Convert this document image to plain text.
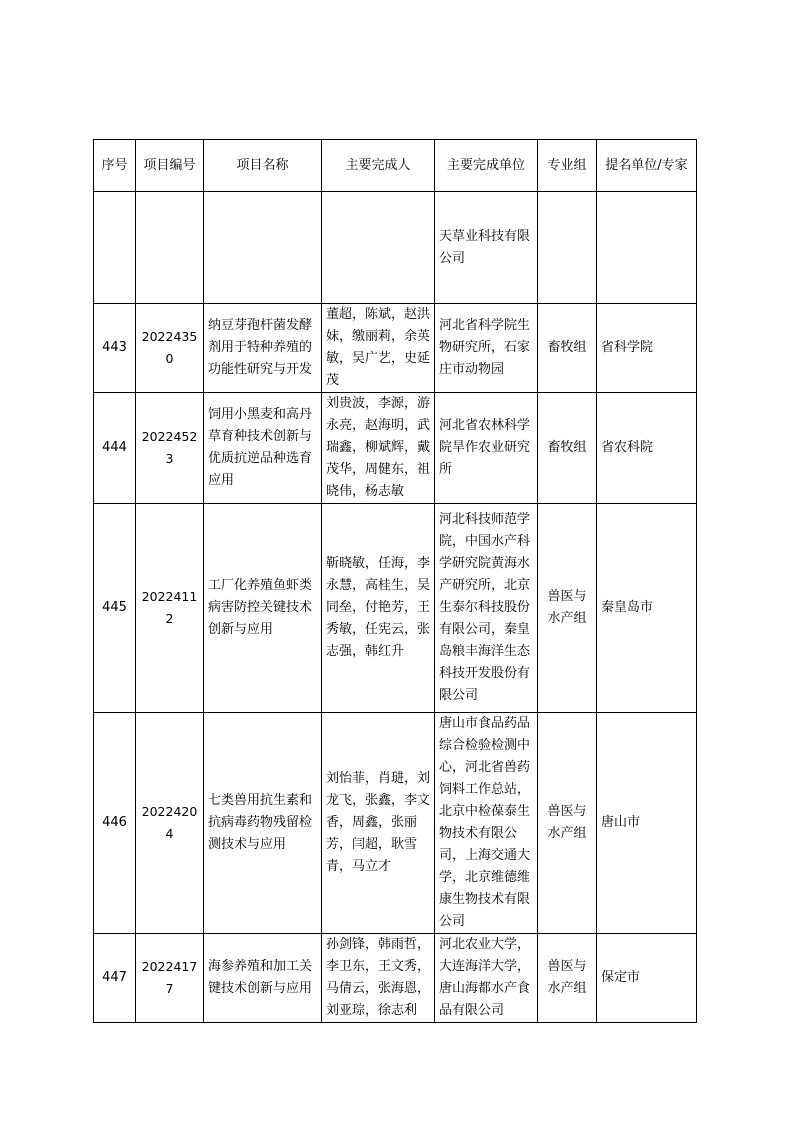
序号	项目编号	项目名称	主要完成人	主要完成单位	专业组	提名单位/专家
				天草业科技有限公司		
443	20224350	纳豆芽孢杆菌发酵剂用于特种养殖的功能性研究与开发	董超，陈斌，赵洪妹，缴丽莉，余英敏，吴广艺，史延茂	河北省科学院生物研究所，石家庄市动物园	畜牧组	省科学院
444	20224523	饲用小黑麦和高丹草育种技术创新与优质抗逆品种选育应用	刘贵波，李源，游永亮，赵海明，武瑞鑫，柳斌辉，戴茂华，周健东，祖晓伟，杨志敏	河北省农林科学院旱作农业研究所	畜牧组	省农科院
445	20224112	工厂化养殖鱼虾类病害防控关键技术创新与应用	靳晓敏，任海，李永慧，高桂生，吴同垒，付艳芳，王秀敏，任宪云，张志强，韩红升	河北科技师范学院，中国水产科学研究院黄海水产研究所，北京生泰尔科技股份有限公司，秦皇岛粮丰海洋生态科技开发股份有限公司	兽医与水产组	秦皇岛市
446	20224204	七类兽用抗生素和抗病毒药物残留检测技术与应用	刘怡菲，肖琎，刘龙飞，张鑫，李文香，周鑫，张丽芳，闫超，耿雪青，马立才	唐山市食品药品综合检验检测中心，河北省兽药饲料工作总站，北京中检葆泰生物技术有限公司，上海交通大学，北京维德维康生物技术有限公司	兽医与水产组	唐山市
447	20224177	海参养殖和加工关键技术创新与应用	孙剑锋，韩雨哲，李卫东，王文秀，马倩云，张海恩，刘亚琮，徐志利	河北农业大学，大连海洋大学，唐山海都水产食品有限公司	兽医与水产组	保定市
